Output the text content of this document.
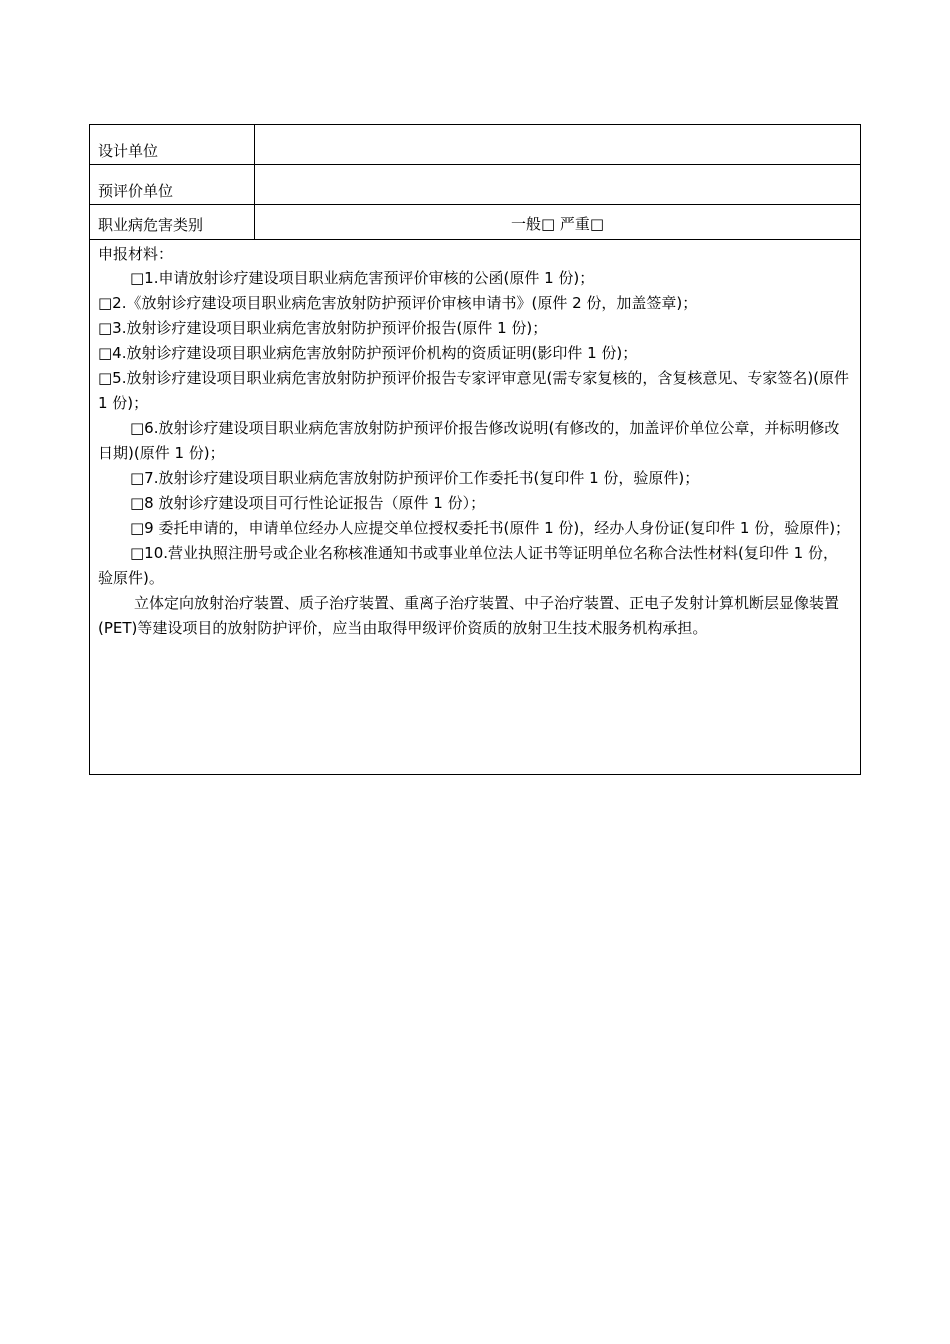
设计单位
预评价单位
职业病危害类别	一般□ 严重□

申报材料：

□1.申请放射诊疗建设项目职业病危害预评价审核的公函(原件 1 份)；

□2.《放射诊疗建设项目职业病危害放射防护预评价审核申请书》(原件 2 份，加盖签章)；

□3.放射诊疗建设项目职业病危害放射防护预评价报告(原件 1 份)；

□4.放射诊疗建设项目职业病危害放射防护预评价机构的资质证明(影印件 1 份)；

□5.放射诊疗建设项目职业病危害放射防护预评价报告专家评审意见(需专家复核的，含复核意见、专家签名)(原件 1 份)；

□6.放射诊疗建设项目职业病危害放射防护预评价报告修改说明(有修改的，加盖评价单位公章，并标明修改日期)(原件 1 份)；

□7.放射诊疗建设项目职业病危害放射防护预评价工作委托书(复印件 1 份，验原件)；

□8 放射诊疗建设项目可行性论证报告（原件 1 份）；

□9 委托申请的，申请单位经办人应提交单位授权委托书(原件 1 份)，经办人身份证(复印件 1 份，验原件)；

□10.营业执照注册号或企业名称核准通知书或事业单位法人证书等证明单位名称合法性材料(复印件 1 份，验原件)。

立体定向放射治疗装置、质子治疗装置、重离子治疗装置、中子治疗装置、正电子发射计算机断层显像装置(PET)等建设项目的放射防护评价，应当由取得甲级评价资质的放射卫生技术服务机构承担。
